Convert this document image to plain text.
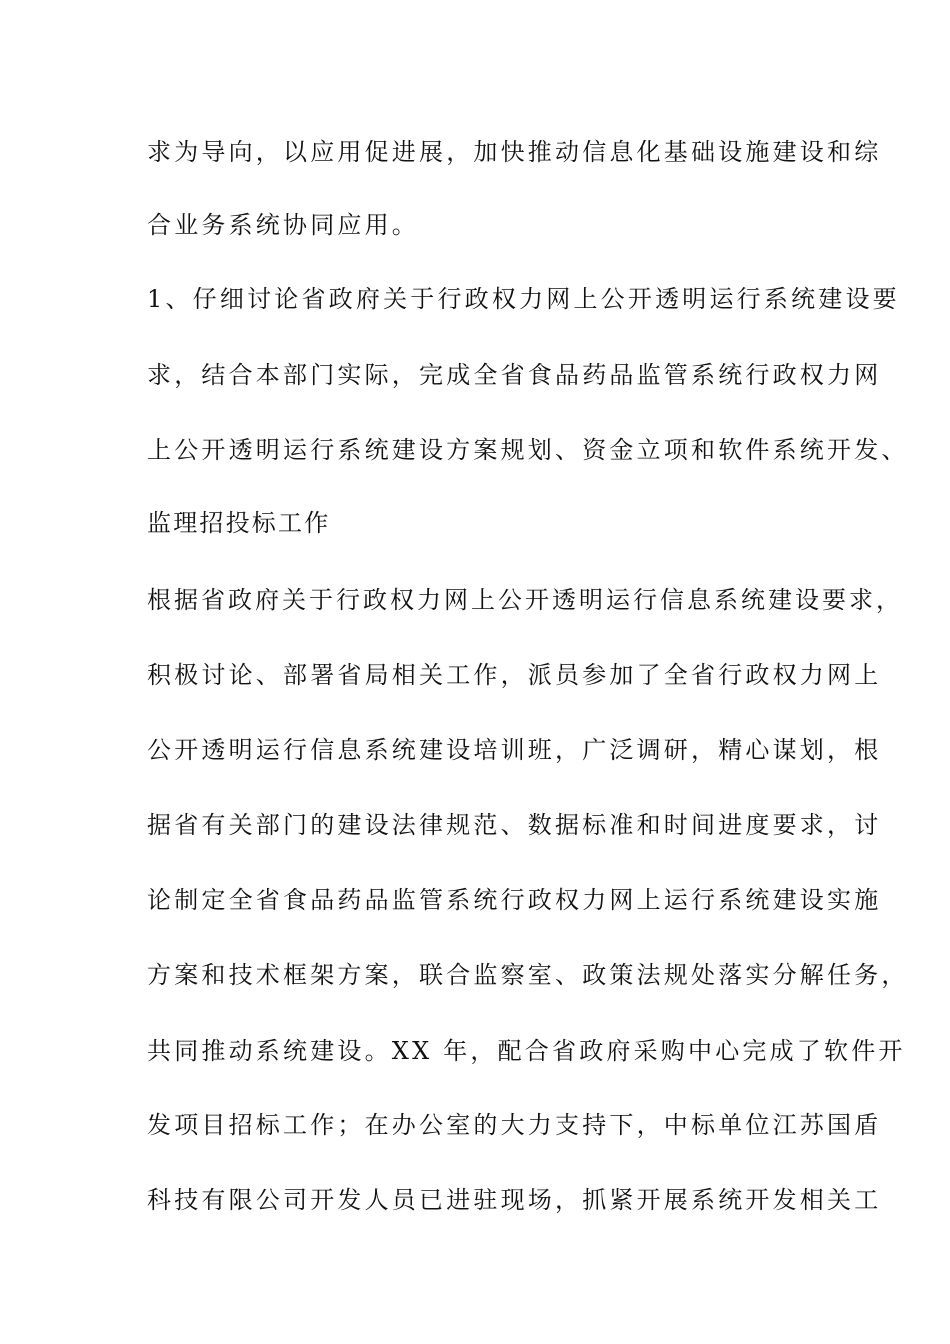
求为导向，以应用促进展，加快推动信息化基础设施建设和综
合业务系统协同应用。
1、仔细讨论省政府关于行政权力网上公开透明运行系统建设要
求，结合本部门实际，完成全省食品药品监管系统行政权力网
上公开透明运行系统建设方案规划、资金立项和软件系统开发、
监理招投标工作
根据省政府关于行政权力网上公开透明运行信息系统建设要求，
积极讨论、部署省局相关工作，派员参加了全省行政权力网上
公开透明运行信息系统建设培训班，广泛调研，精心谋划，根
据省有关部门的建设法律规范、数据标准和时间进度要求，讨
论制定全省食品药品监管系统行政权力网上运行系统建设实施
方案和技术框架方案，联合监察室、政策法规处落实分解任务，
共同推动系统建设。XX 年，配合省政府采购中心完成了软件开
发项目招标工作；在办公室的大力支持下，中标单位江苏国盾
科技有限公司开发人员已进驻现场，抓紧开展系统开发相关工
